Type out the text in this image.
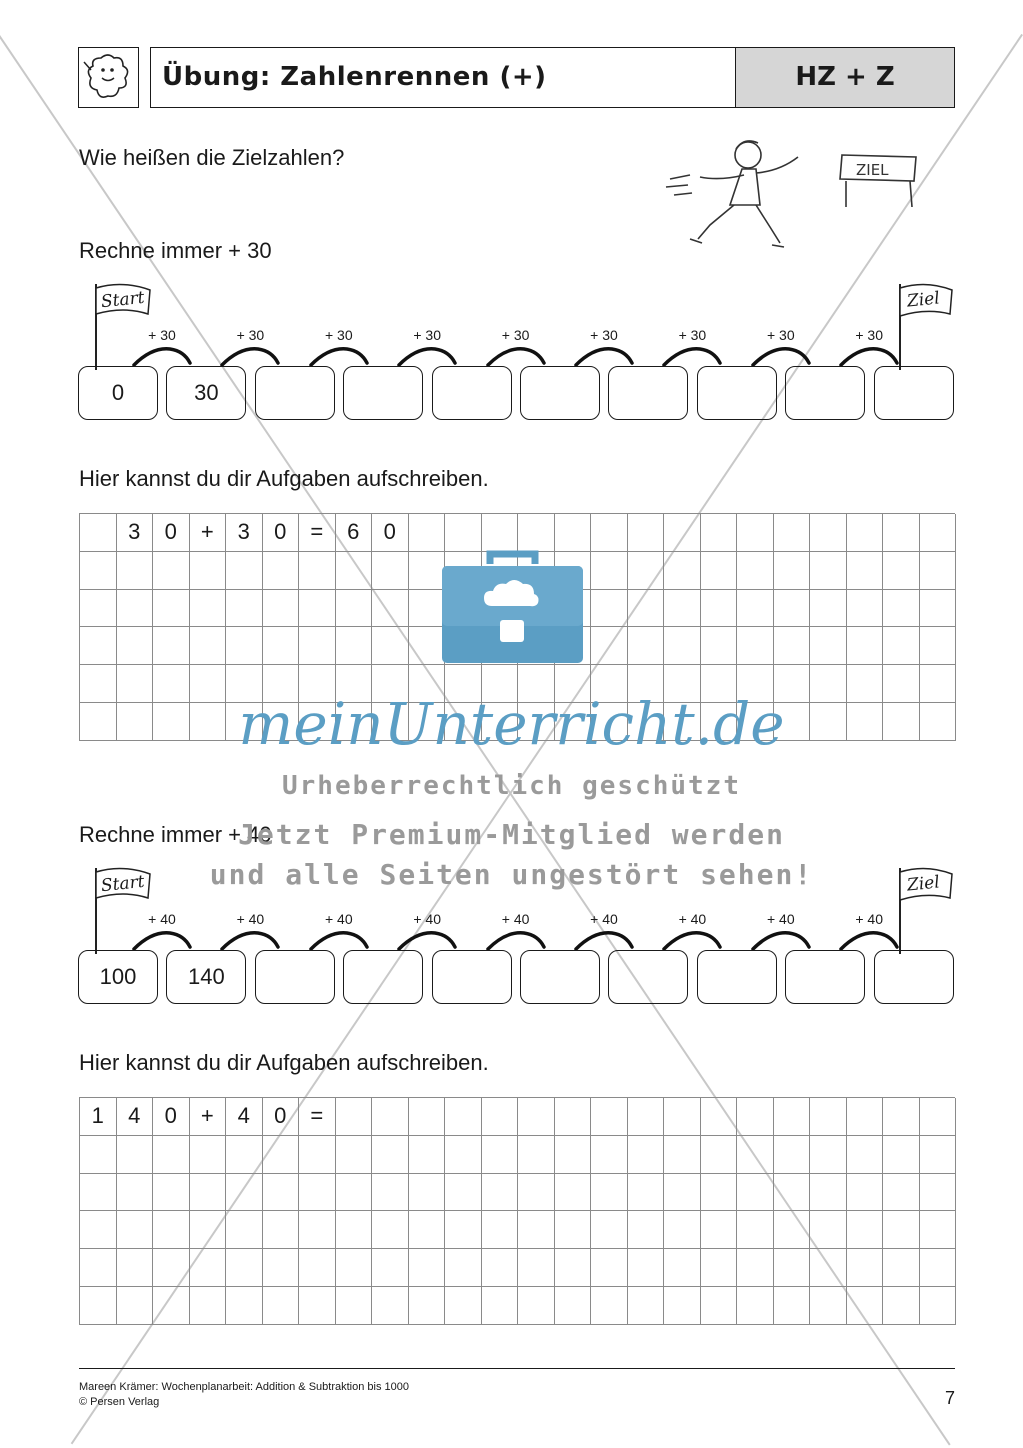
Übung: Zahlenrennen (+)	HZ + Z
Wie heißen die Zielzahlen?	ZIEL
Rechne immer + 30
Start	Ziel
+ 30	+ 30	+ 30	+ 30	+ 30	+ 30	+ 30	+ 30	+ 30
0	30
Hier kannst du dir Aufgaben aufschreiben.
3	0	+	3	0	=	6	0
Rechne immer + 40
Start	Ziel
+ 40	+ 40	+ 40	+ 40	+ 40	+ 40	+ 40	+ 40	+ 40
100	140
Hier kannst du dir Aufgaben aufschreiben.
1	4	0	+	4	0	=
meinUnterricht.de
Urheberrechtlich geschützt
Jetzt Premium-Mitglied werden
und alle Seiten ungestört sehen!
Mareen Krämer: Wochenplanarbeit: Addition & Subtraktion bis 1000
© Persen Verlag	7
